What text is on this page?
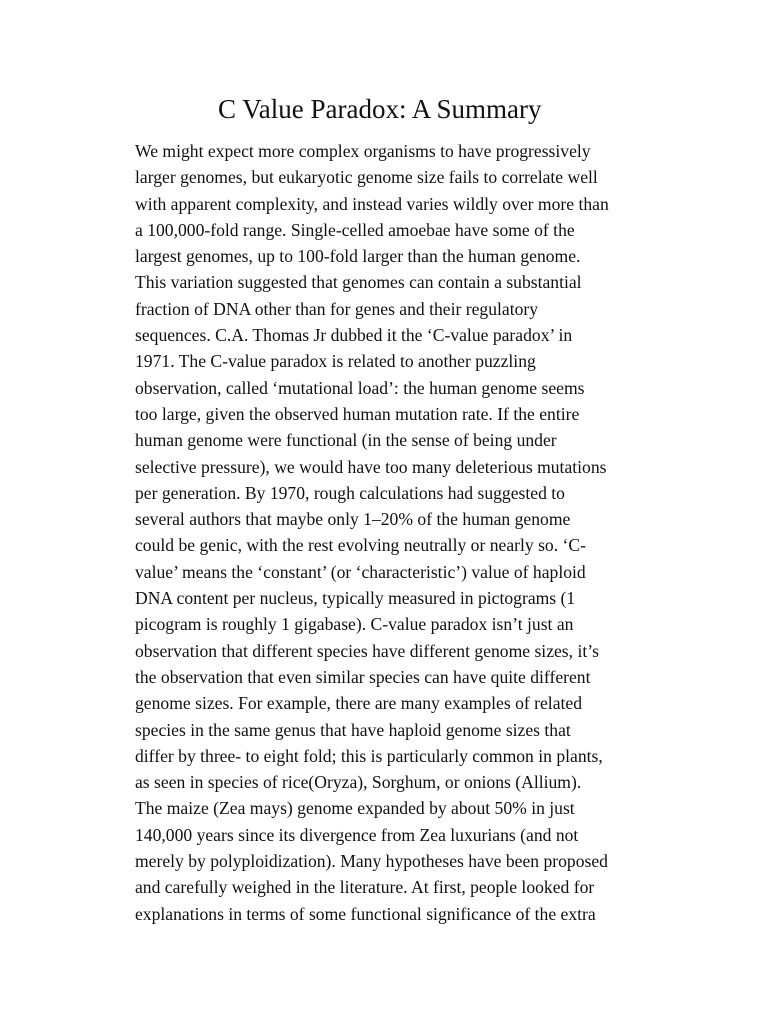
C Value Paradox: A Summary
We might expect more complex organisms to have progressively
larger genomes, but eukaryotic genome size fails to correlate well
with apparent complexity, and instead varies wildly over more than
a 100,000-fold range. Single-celled amoebae have some of the
largest genomes, up to 100-fold larger than the human genome.
This variation suggested that genomes can contain a substantial
fraction of DNA other than for genes and their regulatory
sequences. C.A. Thomas Jr dubbed it the ‘C-value paradox’ in
1971. The C-value paradox is related to another puzzling
observation, called ‘mutational load’: the human genome seems
too large, given the observed human mutation rate. If the entire
human genome were functional (in the sense of being under
selective pressure), we would have too many deleterious mutations
per generation. By 1970, rough calculations had suggested to
several authors that maybe only 1–20% of the human genome
could be genic, with the rest evolving neutrally or nearly so. ‘C-
value’ means the ‘constant’ (or ‘characteristic’) value of haploid
DNA content per nucleus, typically measured in pictograms (1
picogram is roughly 1 gigabase). C-value paradox isn’t just an
observation that different species have different genome sizes, it’s
the observation that even similar species can have quite different
genome sizes. For example, there are many examples of related
species in the same genus that have haploid genome sizes that
differ by three- to eight fold; this is particularly common in plants,
as seen in species of rice(Oryza), Sorghum, or onions (Allium).
The maize (Zea mays) genome expanded by about 50% in just
140,000 years since its divergence from Zea luxurians (and not
merely by polyploidization). Many hypotheses have been proposed
and carefully weighed in the literature. At first, people looked for
explanations in terms of some functional significance of the extra
